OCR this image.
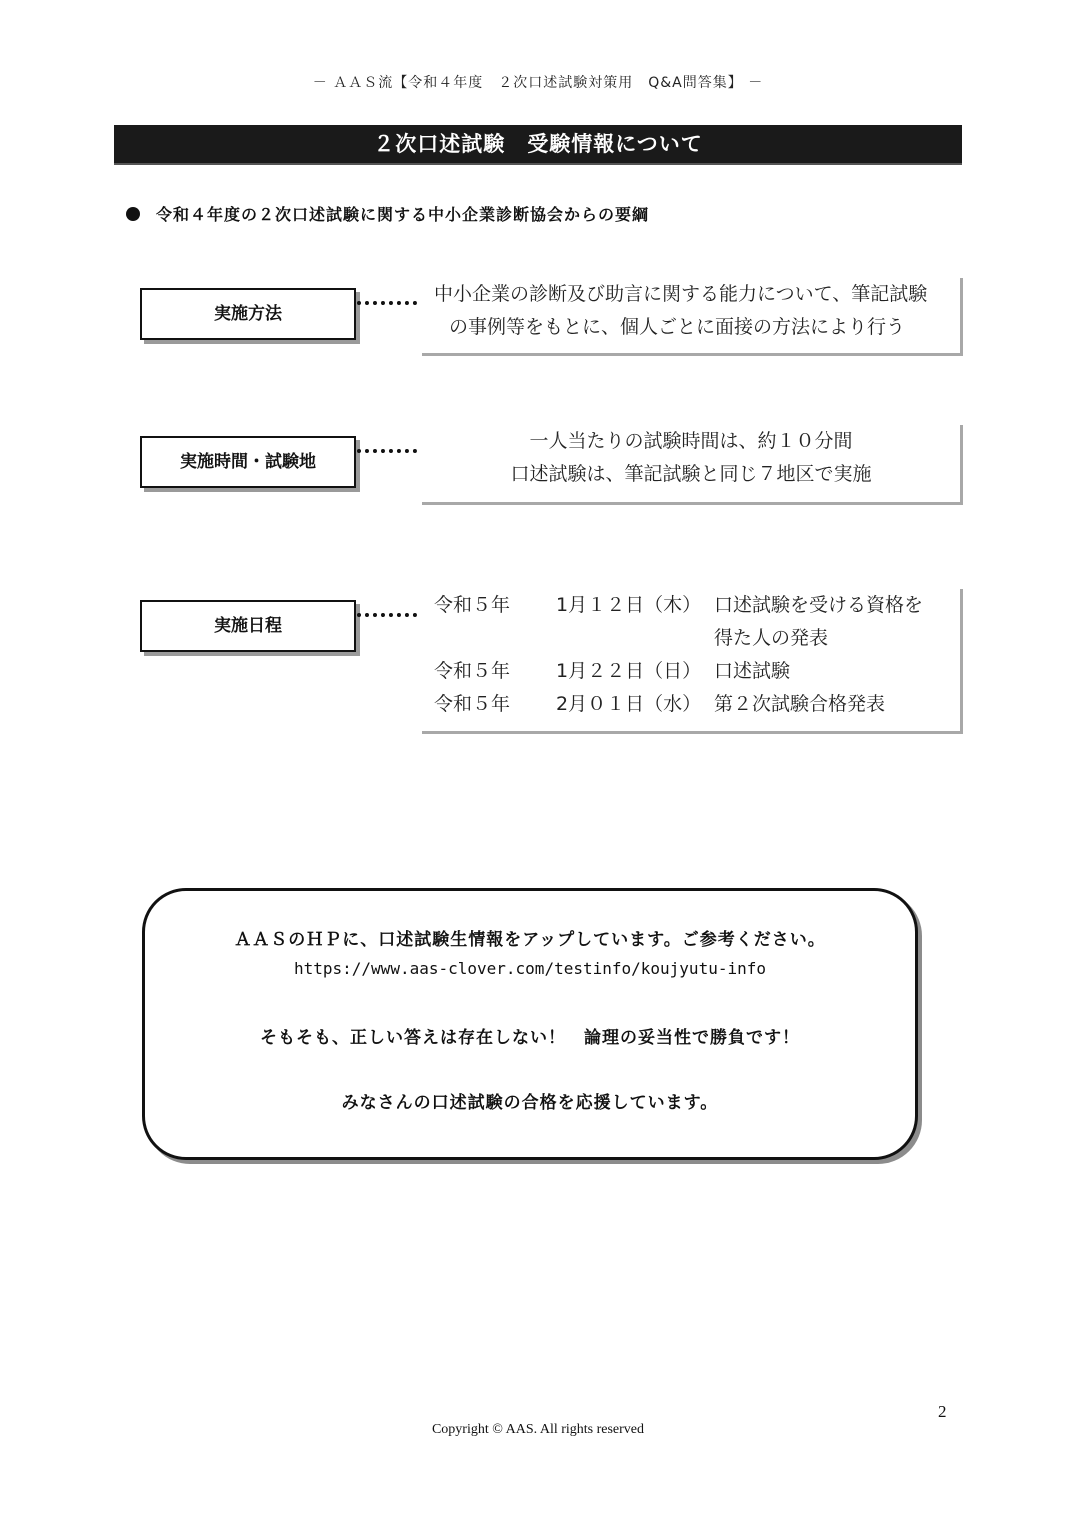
－ ＡＡＳ流【令和４年度　２次口述試験対策用　Q&A問答集】 －
２次口述試験　受験情報について
令和４年度の２次口述試験に関する中小企業診断協会からの要綱
実施方法
中小企業の診断及び助言に関する能力について、筆記試験
の事例等をもとに、個人ごとに面接の方法により行う
実施時間・試験地
一人当たりの試験時間は、約１０分間
口述試験は、筆記試験と同じ７地区で実施
実施日程
令和５年 1月１２日（木） 口述試験を受ける資格を
得た人の発表
令和５年 1月２２日（日） 口述試験
令和５年 2月０１日（水） 第２次試験合格発表
ＡＡＳのＨＰに、口述試験生情報をアップしています。ご参考ください。
https://www.aas-clover.com/testinfo/koujyutu-info
そもそも、正しい答えは存在しない！　論理の妥当性で勝負です！
みなさんの口述試験の合格を応援しています。
2
Copyright © AAS. All rights reserved
